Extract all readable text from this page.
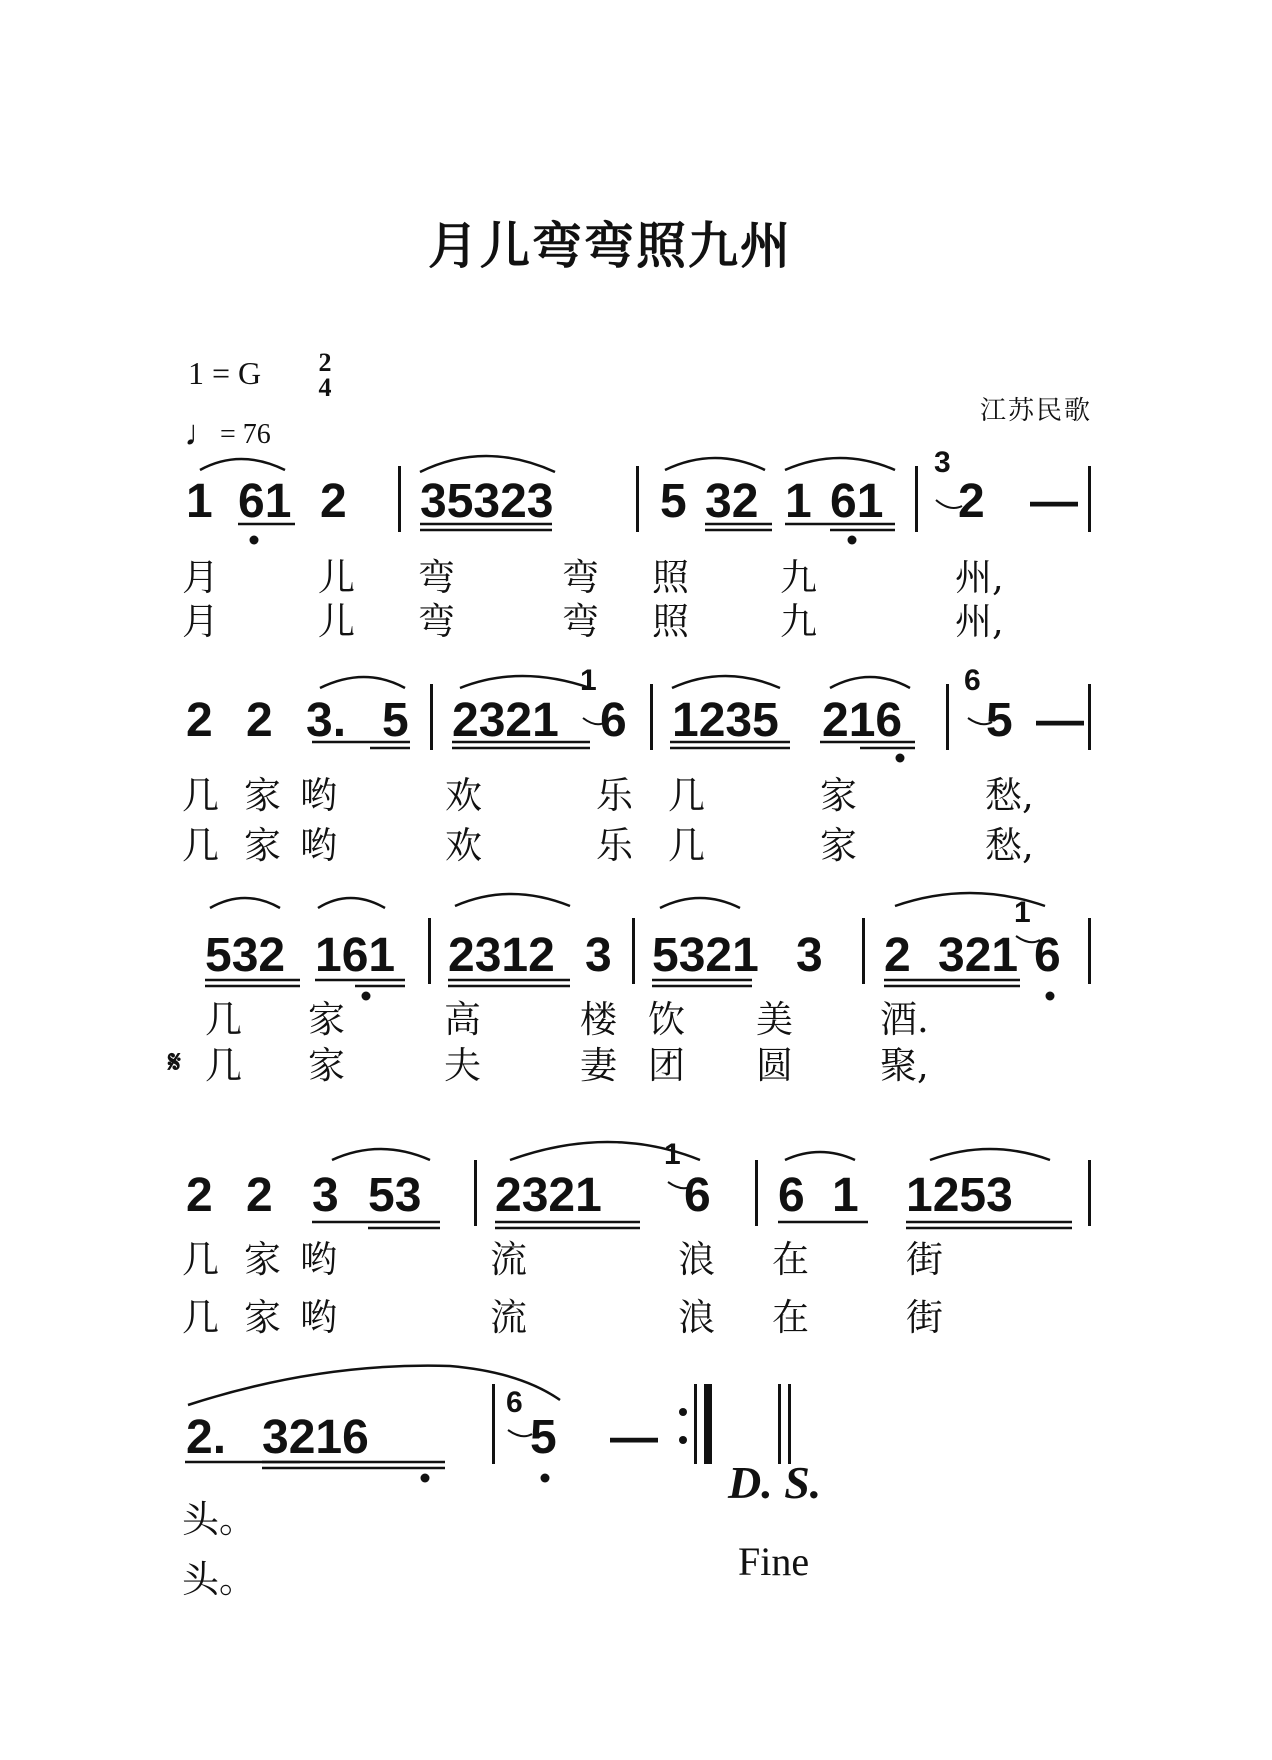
月儿弯弯照九州
1 = G	2
4
♩= 76
江苏民歌
1 61 2 35323 5 32 1 61
3
2 —
月	儿 弯	弯 照 九	州,
月	儿 弯	弯 照 九	州,
2 2 3. 5 2321
1
6 1235 216
6
5 —
几 家 哟	欢	乐 几	家	愁,
几 家 哟	欢	乐 几	家	愁,
532 161 2312 3 5321 3 2 321
1
6
几 家	高	楼 饮 美 酒.
𝄋 几 家	夫	妻 团 圆 聚,
2 2 3 53 2321
1
6 6 1 1253
几 家 哟	流	浪 在	街
几 家 哟	流	浪 在	街
2. 3216
6
5 —
头。
头。
D. S.
Fine
